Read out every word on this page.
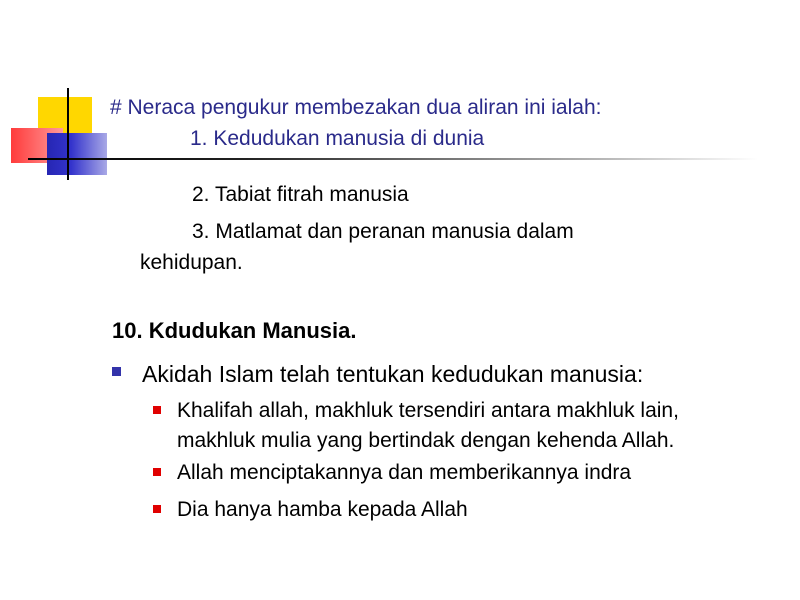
# Neraca pengukur membezakan dua aliran ini ialah:
1. Kedudukan manusia di dunia
2. Tabiat fitrah manusia
3. Matlamat dan peranan manusia dalam
kehidupan.
10. Kdudukan Manusia.
Akidah Islam telah tentukan kedudukan manusia:
Khalifah allah, makhluk tersendiri antara makhluk lain,
makhluk mulia yang bertindak dengan kehenda Allah.
Allah menciptakannya dan memberikannya indra
Dia hanya hamba kepada Allah
